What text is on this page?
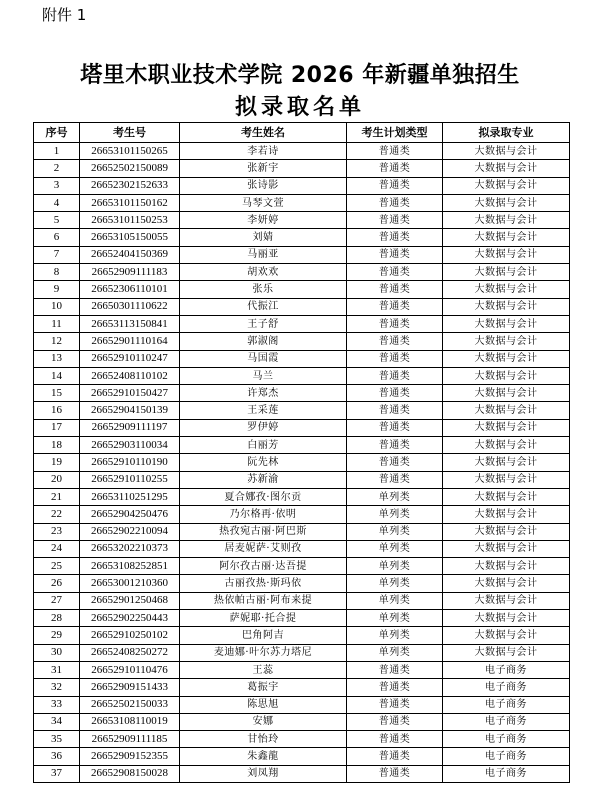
附件 1
塔里木职业技术学院 2026 年新疆单独招生
拟录取名单
序号	考生号	考生姓名	考生计划类型	拟录取专业
1	26653101150265	李若诗	普通类	大数据与会计
2	26652502150089	张新宇	普通类	大数据与会计
3	26652302152633	张诗影	普通类	大数据与会计
4	26653101150162	马琴文萱	普通类	大数据与会计
5	26653101150253	李妍婷	普通类	大数据与会计
6	26653105150055	刘婧	普通类	大数据与会计
7	26652404150369	马丽亚	普通类	大数据与会计
8	26652909111183	胡欢欢	普通类	大数据与会计
9	26652306110101	张乐	普通类	大数据与会计
10	26650301110622	代振江	普通类	大数据与会计
11	26653113150841	王子舒	普通类	大数据与会计
12	26652901110164	郭淑阁	普通类	大数据与会计
13	26652910110247	马国霞	普通类	大数据与会计
14	26652408110102	马兰	普通类	大数据与会计
15	26652910150427	许郑杰	普通类	大数据与会计
16	26652904150139	王采莲	普通类	大数据与会计
17	26652909111197	罗伊婷	普通类	大数据与会计
18	26652903110034	白丽芳	普通类	大数据与会计
19	26652910110190	阮先林	普通类	大数据与会计
20	26652910110255	苏新渝	普通类	大数据与会计
21	26653110251295	夏合娜孜·图尔贡	单列类	大数据与会计
22	26652904250476	乃尔格再·依明	单列类	大数据与会计
23	26652902210094	热孜宛古丽·阿巴斯	单列类	大数据与会计
24	26653202210373	居麦妮萨·艾则孜	单列类	大数据与会计
25	26653108252851	阿尔孜古丽·达吾提	单列类	大数据与会计
26	26653001210360	古丽孜热·斯玛依	单列类	大数据与会计
27	26652901250468	热依帕古丽·阿布来提	单列类	大数据与会计
28	26652902250443	萨妮耶·托合提	单列类	大数据与会计
29	26652910250102	巴角阿吉	单列类	大数据与会计
30	26652408250272	麦迪娜·叶尔苏力塔尼	单列类	大数据与会计
31	26652910110476	王蕊	普通类	电子商务
32	26652909151433	葛振宇	普通类	电子商务
33	26652502150033	陈思旭	普通类	电子商务
34	26653108110019	安娜	普通类	电子商务
35	26652909111185	甘怡玲	普通类	电子商务
36	26652909152355	朱鑫龍	普通类	电子商务
37	26652908150028	刘凤翔	普通类	电子商务
